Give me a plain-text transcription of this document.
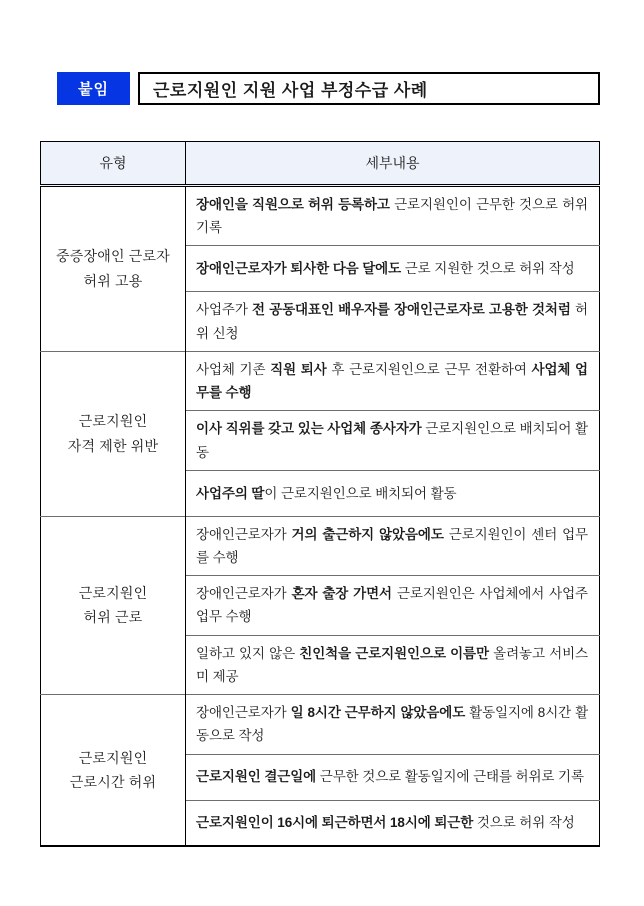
붙임	근로지원인 지원 사업 부정수급 사례
유형	세부내용
중증장애인 근로자
허위 고용	장애인을 직원으로 허위 등록하고 근로지원인이 근무한 것으로 허위 기록
	장애인근로자가 퇴사한 다음 달에도 근로 지원한 것으로 허위 작성
	사업주가 전 공동대표인 배우자를 장애인근로자로 고용한 것처럼 허위 신청
근로지원인
자격 제한 위반	사업체 기존 직원 퇴사 후 근로지원인으로 근무 전환하여 사업체 업무를 수행
	이사 직위를 갖고 있는 사업체 종사자가 근로지원인으로 배치되어 활동
	사업주의 딸이 근로지원인으로 배치되어 활동
근로지원인
허위 근로	장애인근로자가 거의 출근하지 않았음에도 근로지원인이 센터 업무를 수행
	장애인근로자가 혼자 출장 가면서 근로지원인은 사업체에서 사업주 업무 수행
	일하고 있지 않은 친인척을 근로지원인으로 이름만 올려놓고 서비스 미 제공
근로지원인
근로시간 허위	장애인근로자가 일 8시간 근무하지 않았음에도 활동일지에 8시간 활동으로 작성
	근로지원인 결근일에 근무한 것으로 활동일지에 근태를 허위로 기록
	근로지원인이 16시에 퇴근하면서 18시에 퇴근한 것으로 허위 작성
